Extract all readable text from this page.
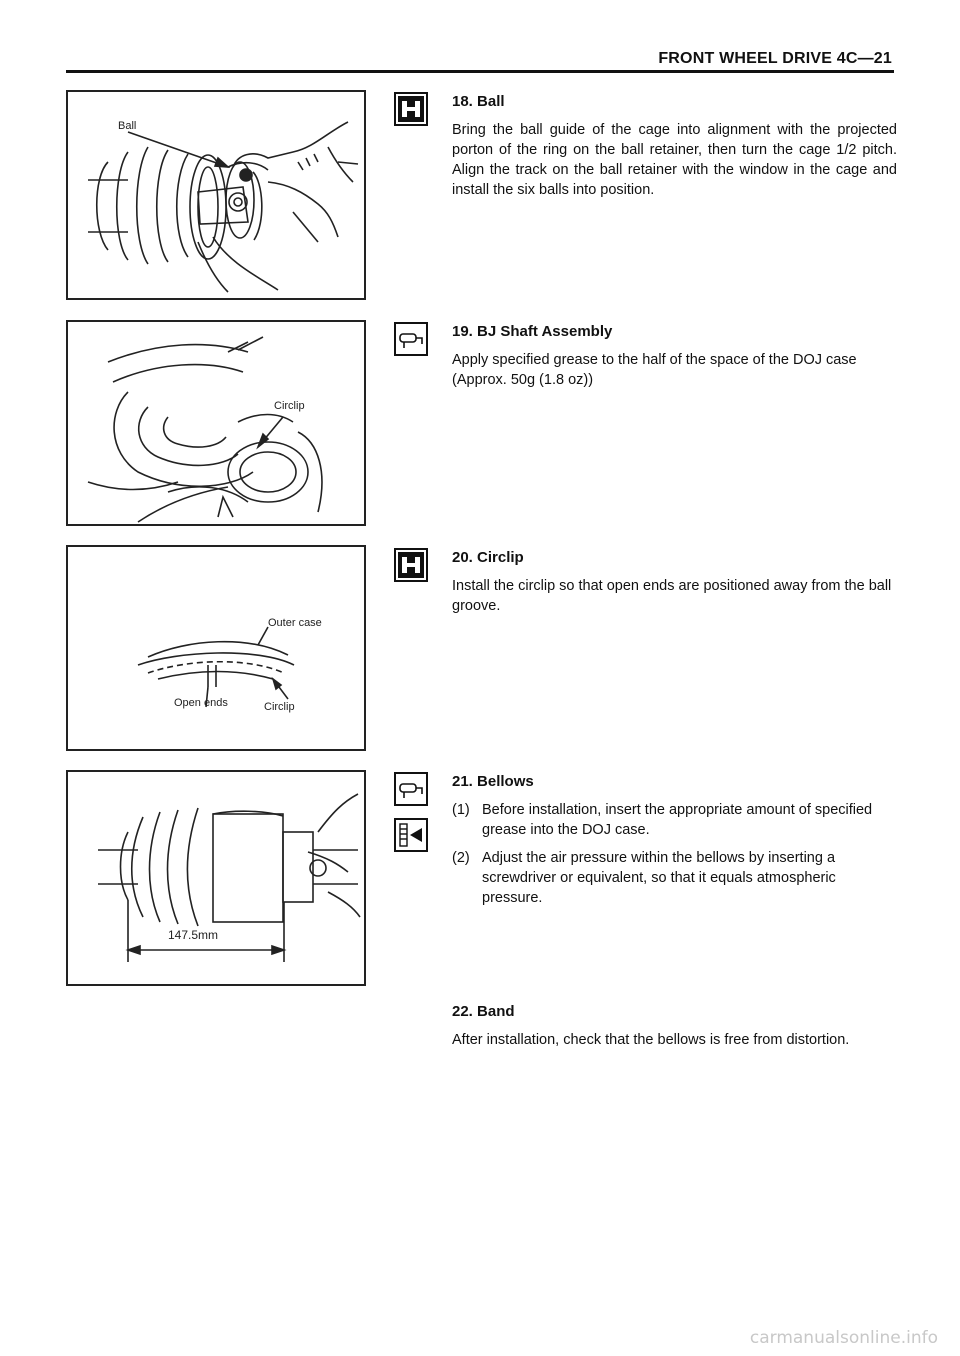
FRONT WHEEL DRIVE 4C—21
Ball
Circlip
Outer case
Open ends	Circlip
147.5mm
18. Ball

Bring the ball guide of the cage into alignment with the projected porton of the ring on the ball retainer, then turn the cage 1/2 pitch. Align the track on the ball retainer with the window in the cage and install the six balls into position.

19. BJ Shaft Assembly

Apply specified grease to the half of the space of the DOJ case (Approx. 50g (1.8 oz))

20. Circlip

Install the circlip so that open ends are positioned away from the ball groove.

21. Bellows
(1) Before installation, insert the appropriate amount of specified grease into the DOJ case.
(2) Adjust the air pressure within the bellows by inserting a screwdriver or equivalent, so that it equals atmospheric pressure.
22. Band

After installation, check that the bellows is free from distortion.

carmanualsonline.info
